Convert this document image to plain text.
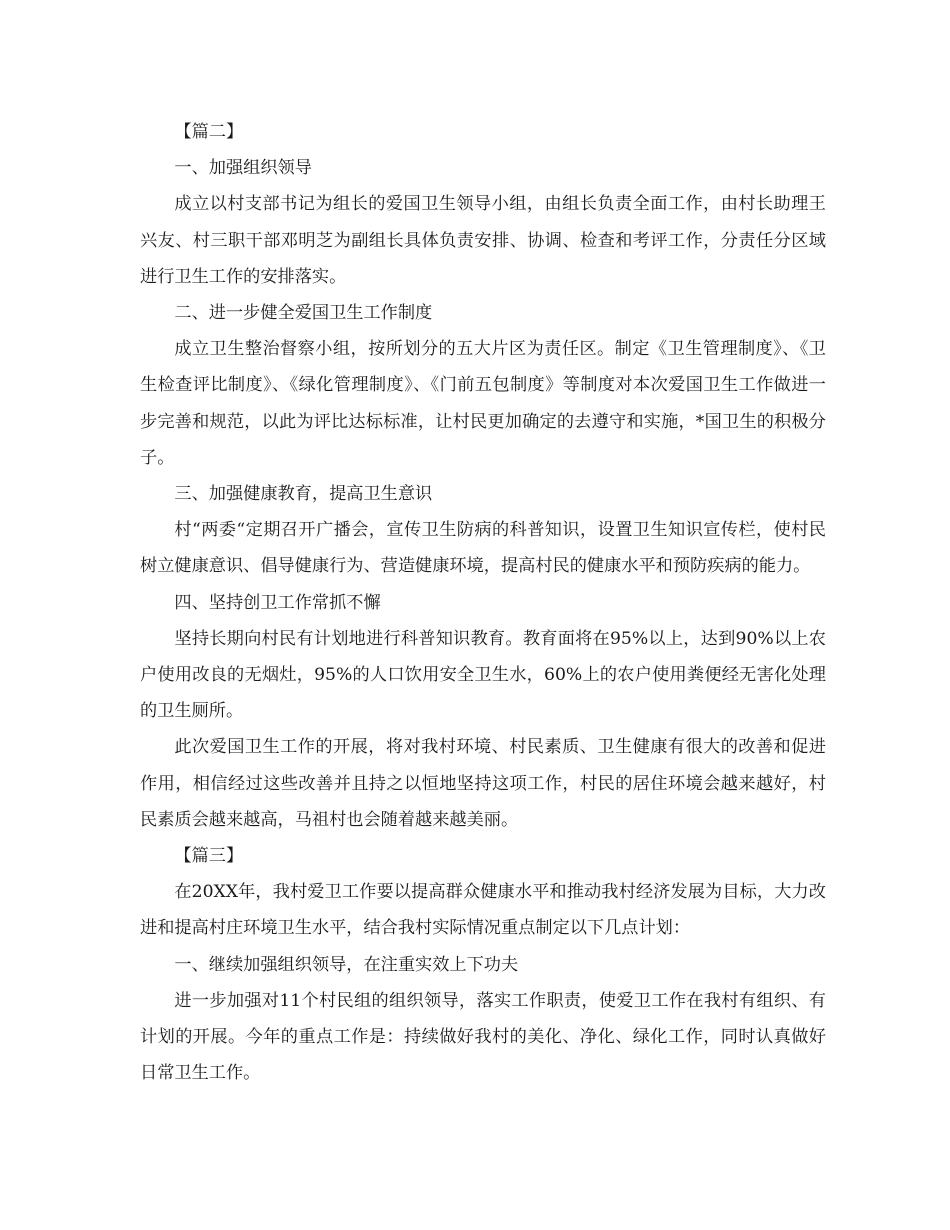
【篇二】

一、加强组织领导

成立以村支部书记为组长的爱国卫生领导小组，由组长负责全面工作，由村长助理王兴友、村三职干部邓明芝为副组长具体负责安排、协调、检查和考评工作，分责任分区域进行卫生工作的安排落实。

二、进一步健全爱国卫生工作制度

成立卫生整治督察小组，按所划分的五大片区为责任区。制定《卫生管理制度》、《卫生检查评比制度》、《绿化管理制度》、《门前五包制度》等制度对本次爱国卫生工作做进一步完善和规范，以此为评比达标标准，让村民更加确定的去遵守和实施，*国卫生的积极分子。

三、加强健康教育，提高卫生意识

村“两委“定期召开广播会，宣传卫生防病的科普知识，设置卫生知识宣传栏，使村民树立健康意识、倡导健康行为、营造健康环境，提高村民的健康水平和预防疾病的能力。

四、坚持创卫工作常抓不懈

坚持长期向村民有计划地进行科普知识教育。教育面将在95%以上，达到90%以上农户使用改良的无烟灶，95%的人口饮用安全卫生水，60%上的农户使用粪便经无害化处理的卫生厕所。

此次爱国卫生工作的开展，将对我村环境、村民素质、卫生健康有很大的改善和促进作用，相信经过这些改善并且持之以恒地坚持这项工作，村民的居住环境会越来越好，村民素质会越来越高，马祖村也会随着越来越美丽。

【篇三】

在20XX年，我村爱卫工作要以提高群众健康水平和推动我村经济发展为目标，大力改进和提高村庄环境卫生水平，结合我村实际情况重点制定以下几点计划：

一、继续加强组织领导，在注重实效上下功夫

进一步加强对11个村民组的组织领导，落实工作职责，使爱卫工作在我村有组织、有计划的开展。今年的重点工作是：持续做好我村的美化、净化、绿化工作，同时认真做好日常卫生工作。
